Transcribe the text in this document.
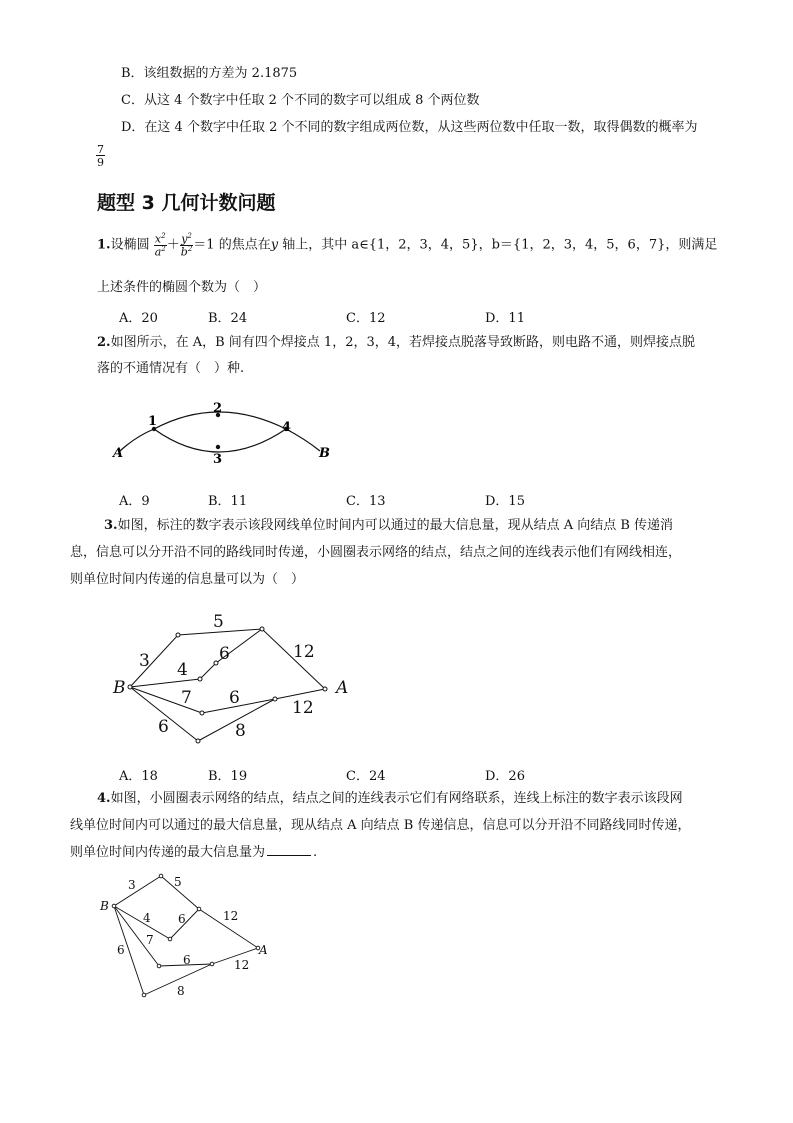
B．该组数据的方差为 2.1875
C．从这 4 个数字中任取 2 个不同的数字可以组成 8 个两位数
D．在这 4 个数字中任取 2 个不同的数字组成两位数，从这些两位数中任取一数，取得偶数的概率为
$\frac{7}{9}$
题型 3 几何计数问题
1.设椭圆 $\frac{x^2}{a^2} + \frac{y^2}{b^2} =1$ 的焦点在y 轴上，其中 a∈{1，2，3，4，5}，b＝{1，2，3，4，5，6，7}，则满足
上述条件的椭圆个数为（　）
A．20	B．24	C．12	D．11
2.如图所示，在 A，B 间有四个焊接点 1，2，3，4，若焊接点脱落导致断路，则电路不通，则焊接点脱
落的不通情况有（　）种.
A
1
2
3
4
B
A．9	B．11	C．13	D．15
3.如图，标注的数字表示该段网线单位时间内可以通过的最大信息量，现从结点 A 向结点 B 传递消
息，信息可以分开沿不同的路线同时传递，小圆圈表示网络的结点，结点之间的连线表示他们有网线相连，
则单位时间内传递的信息量可以为（　）
B	A
3
5
4
6	12
7 6	12
6	8
A．18	B．19	C．24	D．26
4.如图，小圆圈表示网络的结点，结点之间的连线表示它们有网络联系，连线上标注的数字表示该段网
线单位时间内可以通过的最大信息量，现从结点 A 向结点 B 传递信息，信息可以分开沿不同路线同时传递，
则单位时间内传递的最大信息量为	.
B
A
3	5
4 6	12
7
6	12
6
8
